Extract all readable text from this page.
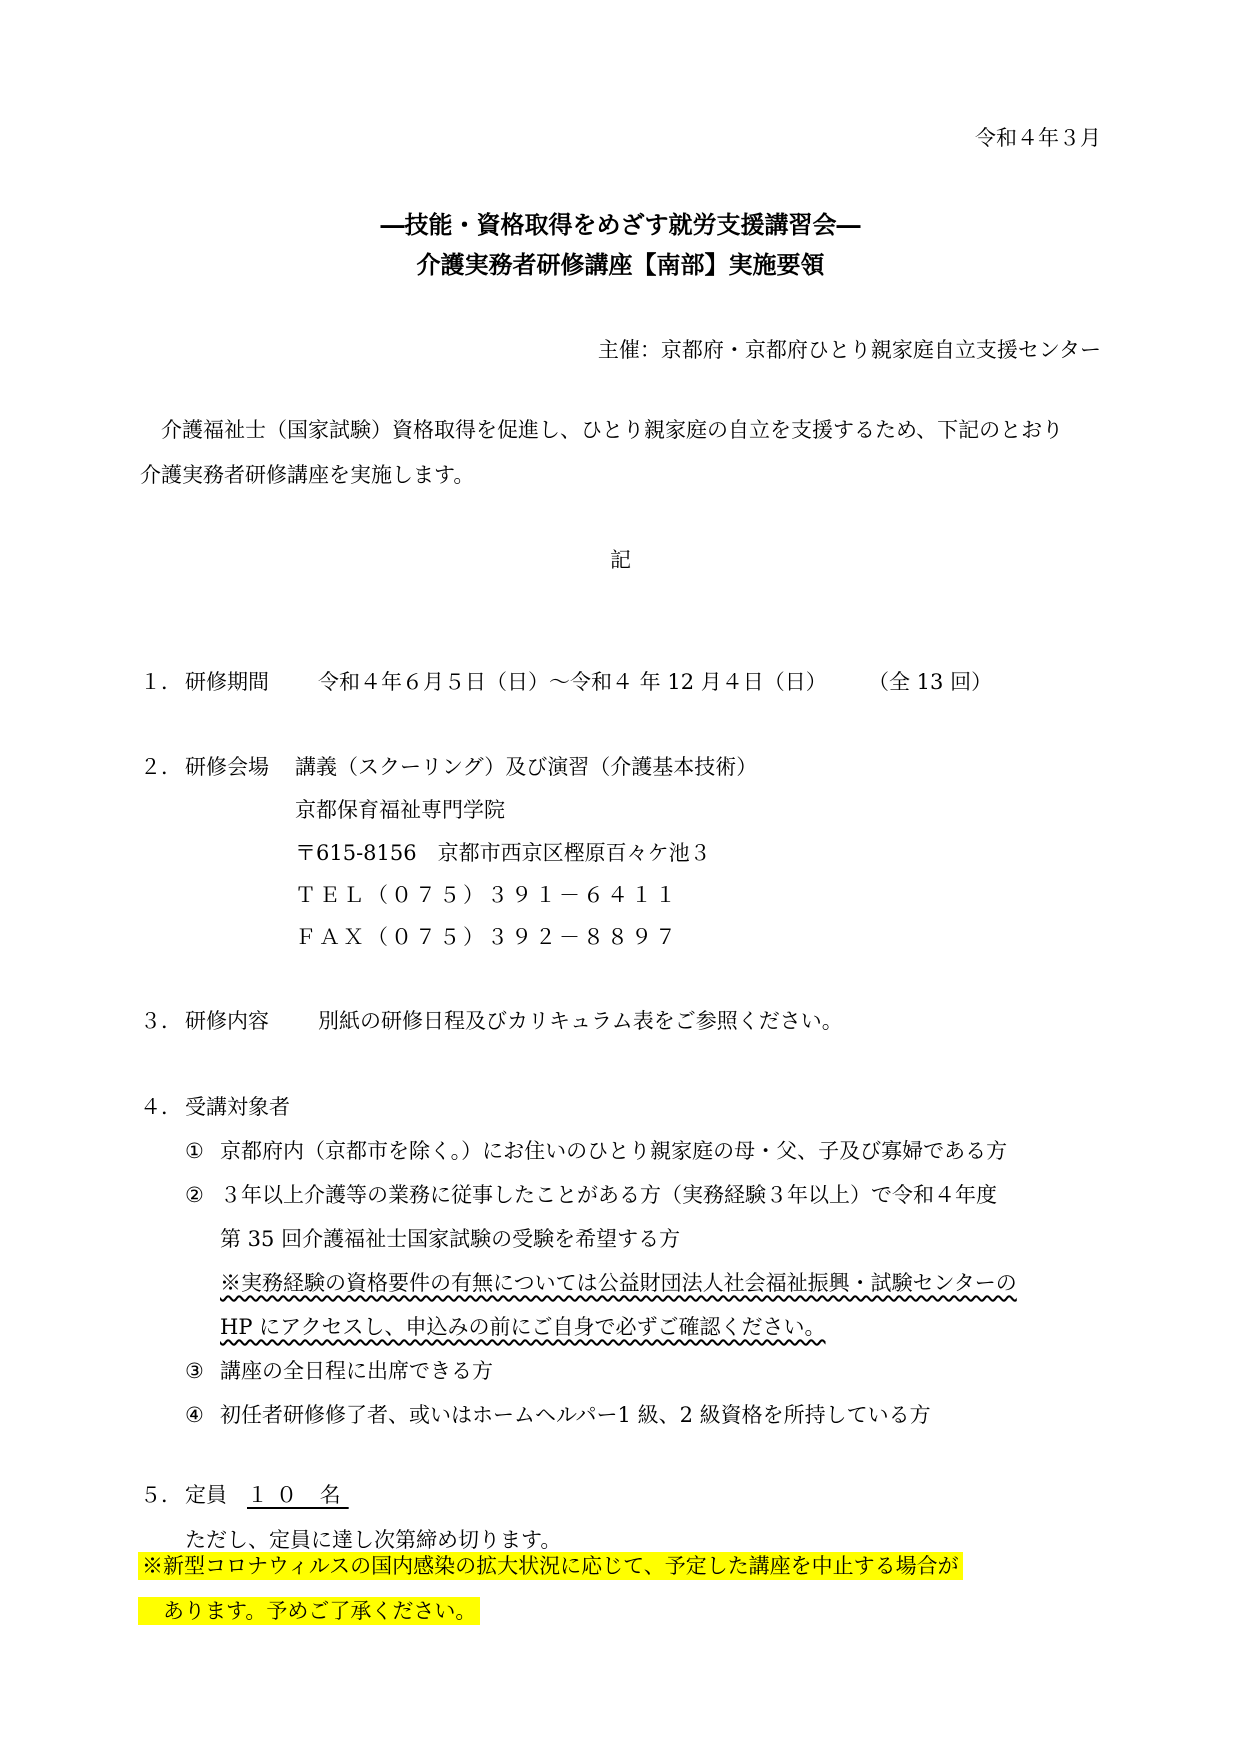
令和４年３月
―技能・資格取得をめざす就労支援講習会―
介護実務者研修講座【南部】実施要領
主催：京都府・京都府ひとり親家庭自立支援センター
　介護福祉士（国家試験）資格取得を促進し、ひとり親家庭の自立を支援するため、下記のとおり
介護実務者研修講座を実施します。
記
１． 研修期間 令和４年６月５日（日）～令和４ 年 12 月４日（日） （全 13 回）
２． 研修会場 講義（スクーリング）及び演習（介護基本技術）
京都保育福祉専門学院
〒615-8156　京都市西京区樫原百々ケ池３
ＴＥＬ（０７５）３９１－６４１１
ＦＡＸ（０７５）３９２－８８９７
３． 研修内容 別紙の研修日程及びカリキュラム表をご参照ください。
４． 受講対象者
① 京都府内（京都市を除く。）にお住いのひとり親家庭の母・父、子及び寡婦である方
② ３年以上介護等の業務に従事したことがある方（実務経験３年以上）で令和４年度
第 35 回介護福祉士国家試験の受験を希望する方
※実務経験の資格要件の有無については公益財団法人社会福祉振興・試験センターの
HP にアクセスし、申込みの前にご自身で必ずご確認ください。
③ 講座の全日程に出席できる方
④ 初任者研修修了者、或いはホームヘルパー1 級、2 級資格を所持している方
５． 定員 １０ 名
ただし、定員に達し次第締め切ります。
※新型コロナウィルスの国内感染の拡大状況に応じて、予定した講座を中止する場合が
　あります。予めご了承ください。
